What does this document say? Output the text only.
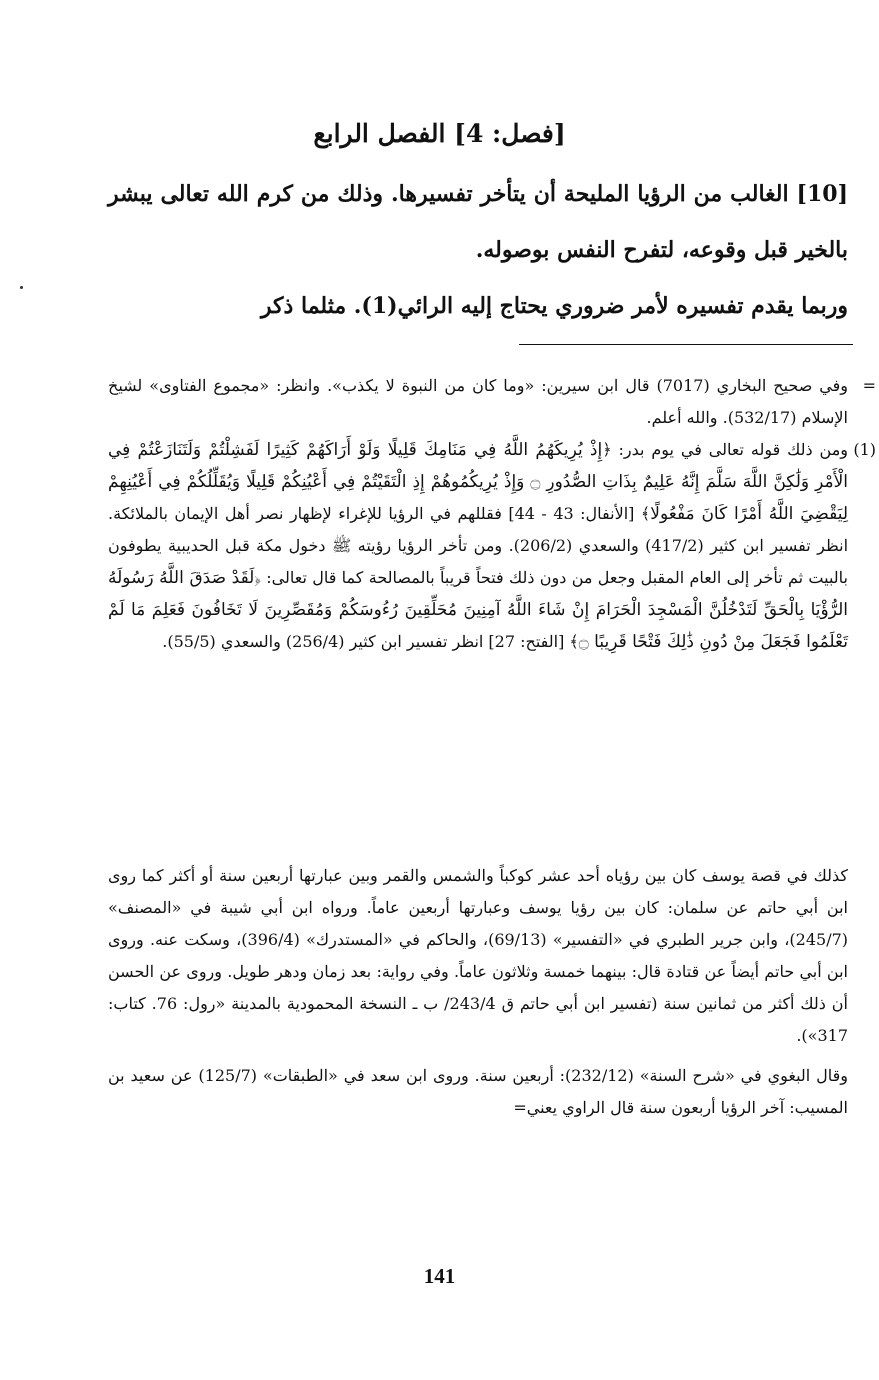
[فصل: 4] الفصل الرابع

[10] الغالب من الرؤيا المليحة أن يتأخر تفسيرها. وذلك من كرم الله تعالى يبشر بالخير قبل وقوعه، لتفرح النفس بوصوله.

وربما يقدم تفسيره لأمر ضروري يحتاج إليه الرائي(1). مثلما ذكر

=
وفي صحيح البخاري (7017) قال ابن سيرين: «وما كان من النبوة لا يكذب». وانظر: «مجموع الفتاوى» لشيخ الإسلام (532/17). والله أعلم.

(1)
ومن ذلك قوله تعالى في يوم بدر: ﴿إِذْ يُرِيكَهُمُ اللَّهُ فِي مَنَامِكَ قَلِيلًا وَلَوْ أَرَاكَهُمْ كَثِيرًا لَفَشِلْتُمْ وَلَتَنَازَعْتُمْ فِي الْأَمْرِ وَلَٰكِنَّ اللَّهَ سَلَّمَ إِنَّهُ عَلِيمٌ بِذَاتِ الصُّدُورِ ۝ وَإِذْ يُرِيكُمُوهُمْ إِذِ الْتَقَيْتُمْ فِي أَعْيُنِكُمْ قَلِيلًا وَيُقَلِّلُكُمْ فِي أَعْيُنِهِمْ لِيَقْضِيَ اللَّهُ أَمْرًا كَانَ مَفْعُولًا﴾ [الأنفال: 43 - 44] فقللهم في الرؤيا للإغراء لإظهار نصر أهل الإيمان بالملائكة. انظر تفسير ابن كثير (417/2) والسعدي (206/2). ومن تأخر الرؤيا رؤيته ﷺ دخول مكة قبل الحديبية يطوفون بالبيت ثم تأخر إلى العام المقبل وجعل من دون ذلك فتحاً قريباً بالمصالحة كما قال تعالى: ﴿لَقَدْ صَدَقَ اللَّهُ رَسُولَهُ الرُّؤْيَا بِالْحَقِّ لَتَدْخُلُنَّ الْمَسْجِدَ الْحَرَامَ إِنْ شَاءَ اللَّهُ آمِنِينَ مُحَلِّقِينَ رُءُوسَكُمْ وَمُقَصِّرِينَ لَا تَخَافُونَ فَعَلِمَ مَا لَمْ تَعْلَمُوا فَجَعَلَ مِنْ دُونِ ذَٰلِكَ فَتْحًا قَرِيبًا ۝﴾ [الفتح: 27] انظر تفسير ابن كثير (256/4) والسعدي (55/5).

كذلك في قصة يوسف كان بين رؤياه أحد عشر كوكباً والشمس والقمر وبين عبارتها أربعين سنة أو أكثر كما روى ابن أبي حاتم عن سلمان: كان بين رؤيا يوسف وعبارتها أربعين عاماً. ورواه ابن أبي شيبة في «المصنف» (245/7)، وابن جرير الطبري في «التفسير» (69/13)، والحاكم في «المستدرك» (396/4)، وسكت عنه. وروى ابن أبي حاتم أيضاً عن قتادة قال: بينهما خمسة وثلاثون عاماً. وفي رواية: بعد زمان ودهر طويل. وروى عن الحسن أن ذلك أكثر من ثمانين سنة (تفسير ابن أبي حاتم ق 243/4/ ب ـ النسخة المحمودية بالمدينة «رول: 76. كتاب: 317»).

وقال البغوي في «شرح السنة» (232/12): أربعين سنة. وروى ابن سعد في «الطبقات» (125/7) عن سعيد بن المسيب: آخر الرؤيا أربعون سنة قال الراوي يعني=

141
